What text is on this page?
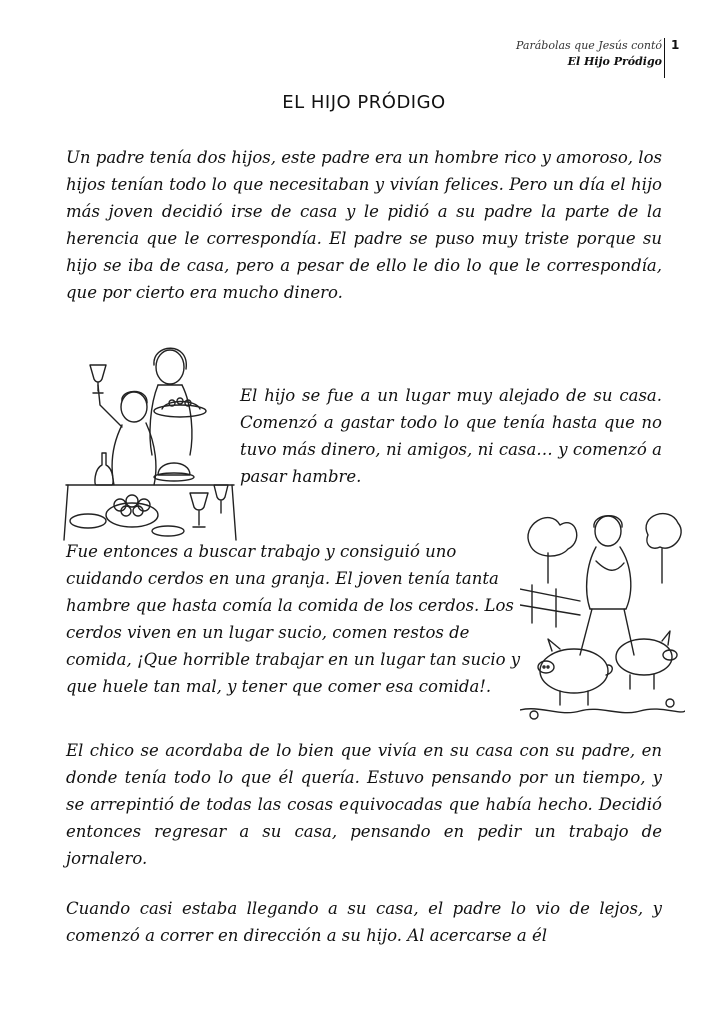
Parábolas que Jesús contó
El Hijo Pródigo
1
EL HIJO PRÓDIGO

Un padre tenía dos hijos, este padre era un hombre rico y amoroso, los hijos tenían todo lo que necesitaban y vivían felices. Pero un día el hijo más joven decidió irse de casa y le pidió a su padre la parte de la herencia que le correspondía. El padre se puso muy triste porque su hijo se iba de casa, pero a pesar de ello le dio lo que le correspondía, que por cierto era mucho dinero.

El hijo se fue a un lugar muy alejado de su casa. Comenzó a gastar todo lo que tenía hasta que no tuvo más dinero, ni amigos, ni casa… y comenzó a pasar hambre.

Fue entonces a buscar trabajo y consiguió uno cuidando cerdos en una granja. El joven tenía tanta hambre que hasta comía la comida de los cerdos. Los cerdos viven en un lugar sucio, comen restos de comida, ¡Que horrible trabajar en un lugar tan sucio y que huele tan mal, y tener que comer esa comida!.

El chico se acordaba de lo bien que vivía en su casa con su padre, en donde tenía todo lo que él quería. Estuvo pensando por un tiempo, y se arrepintió de todas las cosas equivocadas que había hecho. Decidió entonces regresar a su casa, pensando en pedir un trabajo de jornalero.

Cuando casi estaba llegando a su casa, el padre lo vio de lejos, y comenzó a correr en dirección a su hijo. Al acercarse a él
